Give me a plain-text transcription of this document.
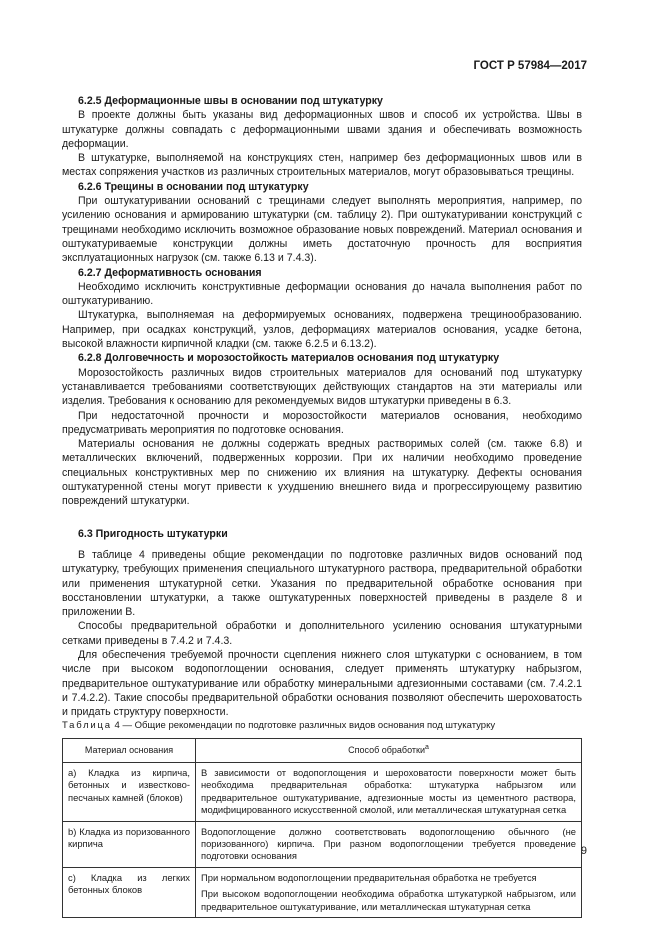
ГОСТ Р 57984—2017
6.2.5 Деформационные швы в основании под штукатурку

В проекте должны быть указаны вид деформационных швов и способ их устройства. Швы в штукатурке должны совпадать с деформационными швами здания и обеспечивать возможность деформации.

В штукатурке, выполняемой на конструкциях стен, например без деформационных швов или в местах сопряжения участков из различных строительных материалов, могут образовываться трещины.

6.2.6 Трещины в основании под штукатурку

При оштукатуривании оснований с трещинами следует выполнять мероприятия, например, по усилению основания и армированию штукатурки (см. таблицу 2). При оштукатуривании конструкций с трещинами необходимо исключить возможное образование новых повреждений. Материал основания и оштукатуриваемые конструкции должны иметь достаточную прочность для восприятия эксплуатационных нагрузок (см. также 6.13 и 7.4.3).

6.2.7 Деформативность основания

Необходимо исключить конструктивные деформации основания до начала выполнения работ по оштукатуриванию.

Штукатурка, выполняемая на деформируемых основаниях, подвержена трещинообразованию. Например, при осадках конструкций, узлов, деформациях материалов основания, усадке бетона, высокой влажности кирпичной кладки (см. также 6.2.5 и 6.13.2).

6.2.8 Долговечность и морозостойкость материалов основания под штукатурку

Морозостойкость различных видов строительных материалов для оснований под штукатурку устанавливается требованиями соответствующих действующих стандартов на эти материалы или изделия. Требования к основанию для рекомендуемых видов штукатурки приведены в 6.3.

При недостаточной прочности и морозостойкости материалов основания, необходимо предусматривать мероприятия по подготовке основания.

Материалы основания не должны содержать вредных растворимых солей (см. также 6.8) и металлических включений, подверженных коррозии. При их наличии необходимо проведение специальных конструктивных мер по снижению их влияния на штукатурку. Дефекты основания оштукатуренной стены могут привести к ухудшению внешнего вида и прогрессирующему развитию повреждений штукатурки.

6.3 Пригодность штукатурки

В таблице 4 приведены общие рекомендации по подготовке различных видов оснований под штукатурку, требующих применения специального штукатурного раствора, предварительной обработки или применения штукатурной сетки. Указания по предварительной обработке основания при восстановлении штукатурки, а также оштукатуренных поверхностей приведены в разделе 8 и приложении В.

Способы предварительной обработки и дополнительного усилению основания штукатурными сетками приведены в 7.4.2 и 7.4.3.

Для обеспечения требуемой прочности сцепления нижнего слоя штукатурки с основанием, в том числе при высоком водопоглощении основания, следует применять штукатурку набрызгом, предварительное оштукатуривание или обработку минеральными адгезионными составами (см. 7.4.2.1 и 7.4.2.2). Такие способы предварительной обработки основания позволяют обеспечить шероховатость и придать структуру поверхности.

Таблица 4 — Общие рекомендации по подготовке различных видов основания под штукатурку

Материал основания	Способ обработки$^а$
а) Кладка из кирпича, бетонных и известково-песчаных камней (блоков)	В зависимости от водопоглощения и шероховатости поверхности может быть необходима предварительная обработка: штукатурка набрызгом или предварительное оштукатуривание, адгезионные мосты из цементного раствора, модифицированного искусственной смолой, или металлическая штукатурная сетка

b) Кладка из поризованного кирпича	Водопоглощение должно соответствовать водопоглощению обычного (не поризованного) кирпича. При разном водопоглощении требуется проведение подготовки основания

с) Кладка из легких бетонных блоков	При нормальном водопоглощении предварительная обработка не требуется

При высоком водопоглощении необходима обработка штукатуркой набрызгом, или предварительное оштукатуривание, или металлическая штукатурная сетка

9
